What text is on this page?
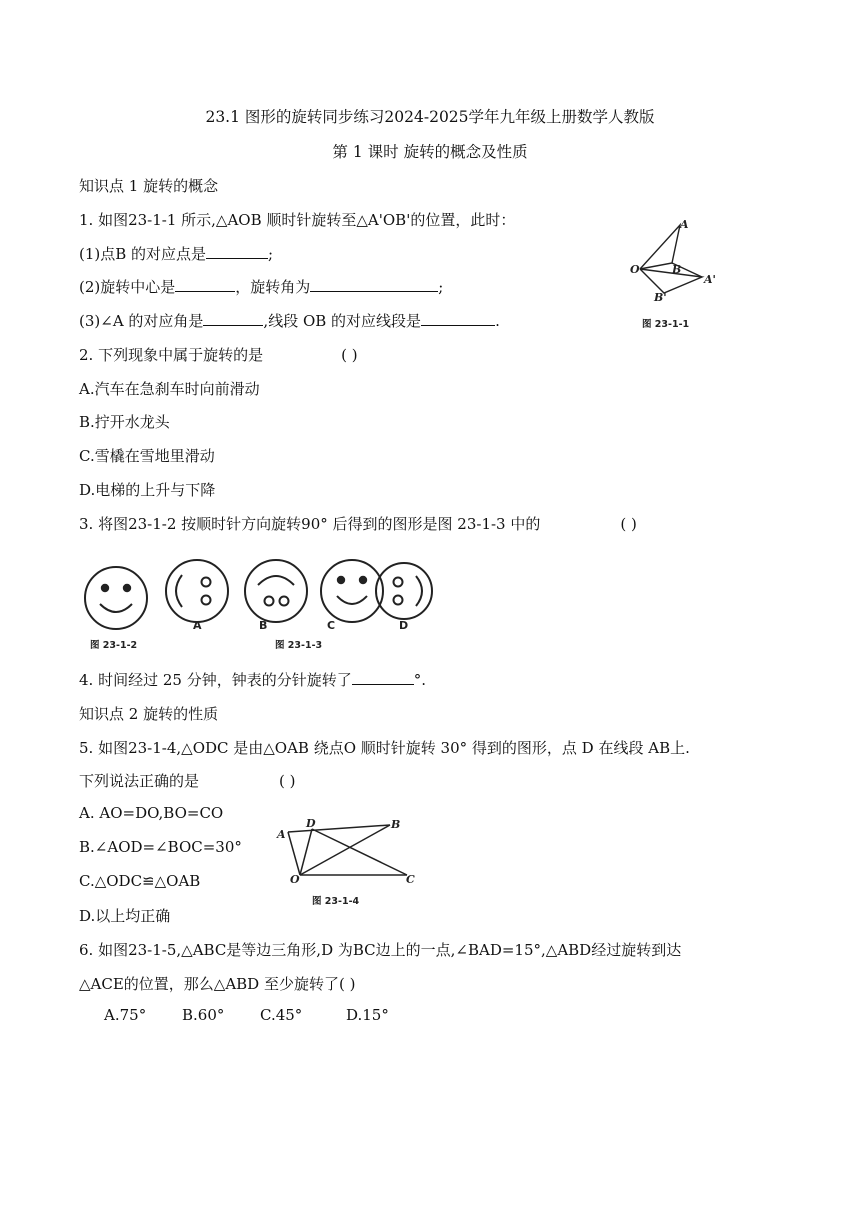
23.1 图形的旋转同步练习2024-2025学年九年级上册数学人教版
第 1 课时 旋转的概念及性质
知识点 1 旋转的概念
1. 如图23-1-1 所示,△AOB 顺时针旋转至△A'OB'的位置，此时：
(1)点B 的对应点是	;
(2)旋转中心是	，旋转角为	;
(3)∠A 的对应角是	,线段 OB 的对应线段是	.
A
O	B
A'
B'
图 23-1-1
2. 下列现象中属于旋转的是	( )
A.汽车在急刹车时向前滑动
B.拧开水龙头
C.雪橇在雪地里滑动
D.电梯的上升与下降
3. 将图23-1-2 按顺时针方向旋转90° 后得到的图形是图 23-1-3 中的	( )
A	B	C	D
图 23-1-2	图 23-1-3
4. 时间经过 25 分钟，钟表的分针旋转了	°.
知识点 2 旋转的性质
5. 如图23-1-4,△ODC 是由△OAB 绕点O 顺时针旋转 30° 得到的图形，点 D 在线段 AB上.
下列说法正确的是	( )
A. AO=DO,BO=CO
B.∠AOD=∠BOC=30°
C.△ODC≌△OAB
D.以上均正确
A
D	B
O	C
图 23-1-4
6. 如图23-1-5,△ABC是等边三角形,D 为BC边上的一点,∠BAD=15°,△ABD经过旋转到达
△ACE的位置，那么△ABD 至少旋转了( )
A.75° B.60° C.45°	D.15°
